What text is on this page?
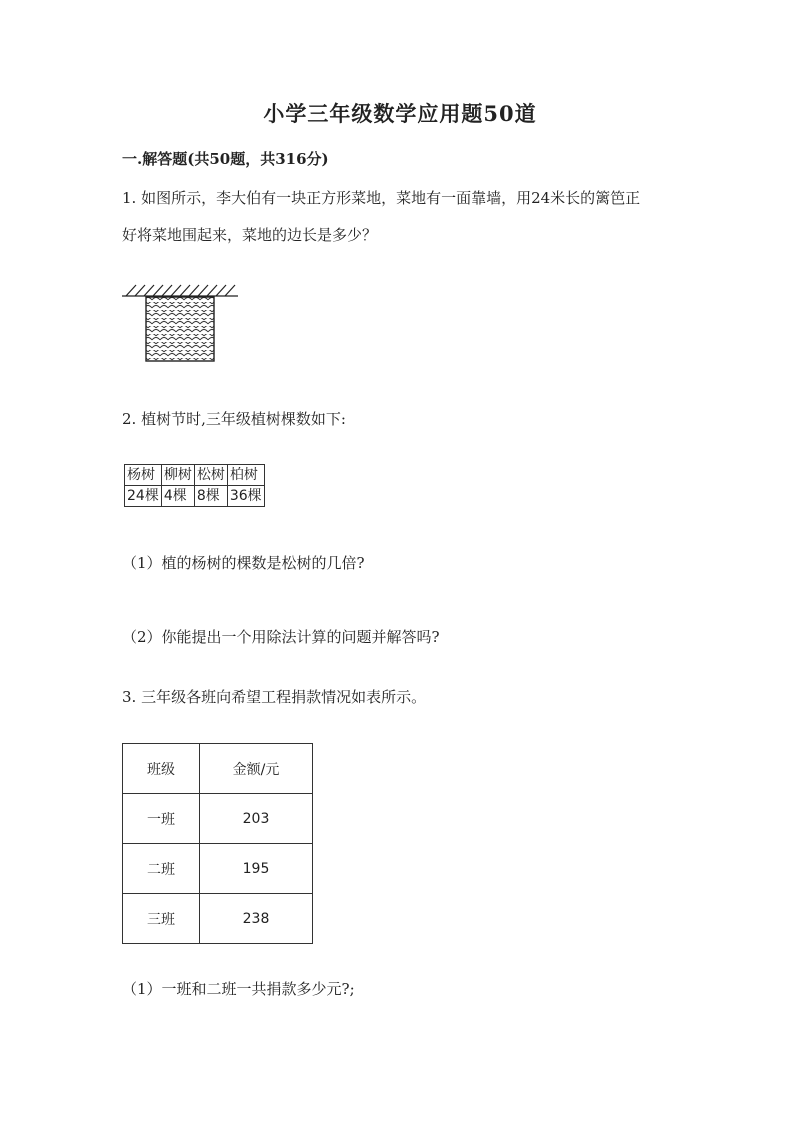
小学三年级数学应用题50道
一.解答题(共50题，共316分)
1. 如图所示，李大伯有一块正方形菜地，菜地有一面靠墙，用24米长的篱笆正
好将菜地围起来，菜地的边长是多少？
2. 植树节时,三年级植树棵数如下:
杨树	柳树	松树	柏树
24棵	4棵	8棵	36棵
（1）植的杨树的棵数是松树的几倍?
（2）你能提出一个用除法计算的问题并解答吗?
3. 三年级各班向希望工程捐款情况如表所示。
班级	金额/元
一班	203
二班	195
三班	238
（1）一班和二班一共捐款多少元?;
